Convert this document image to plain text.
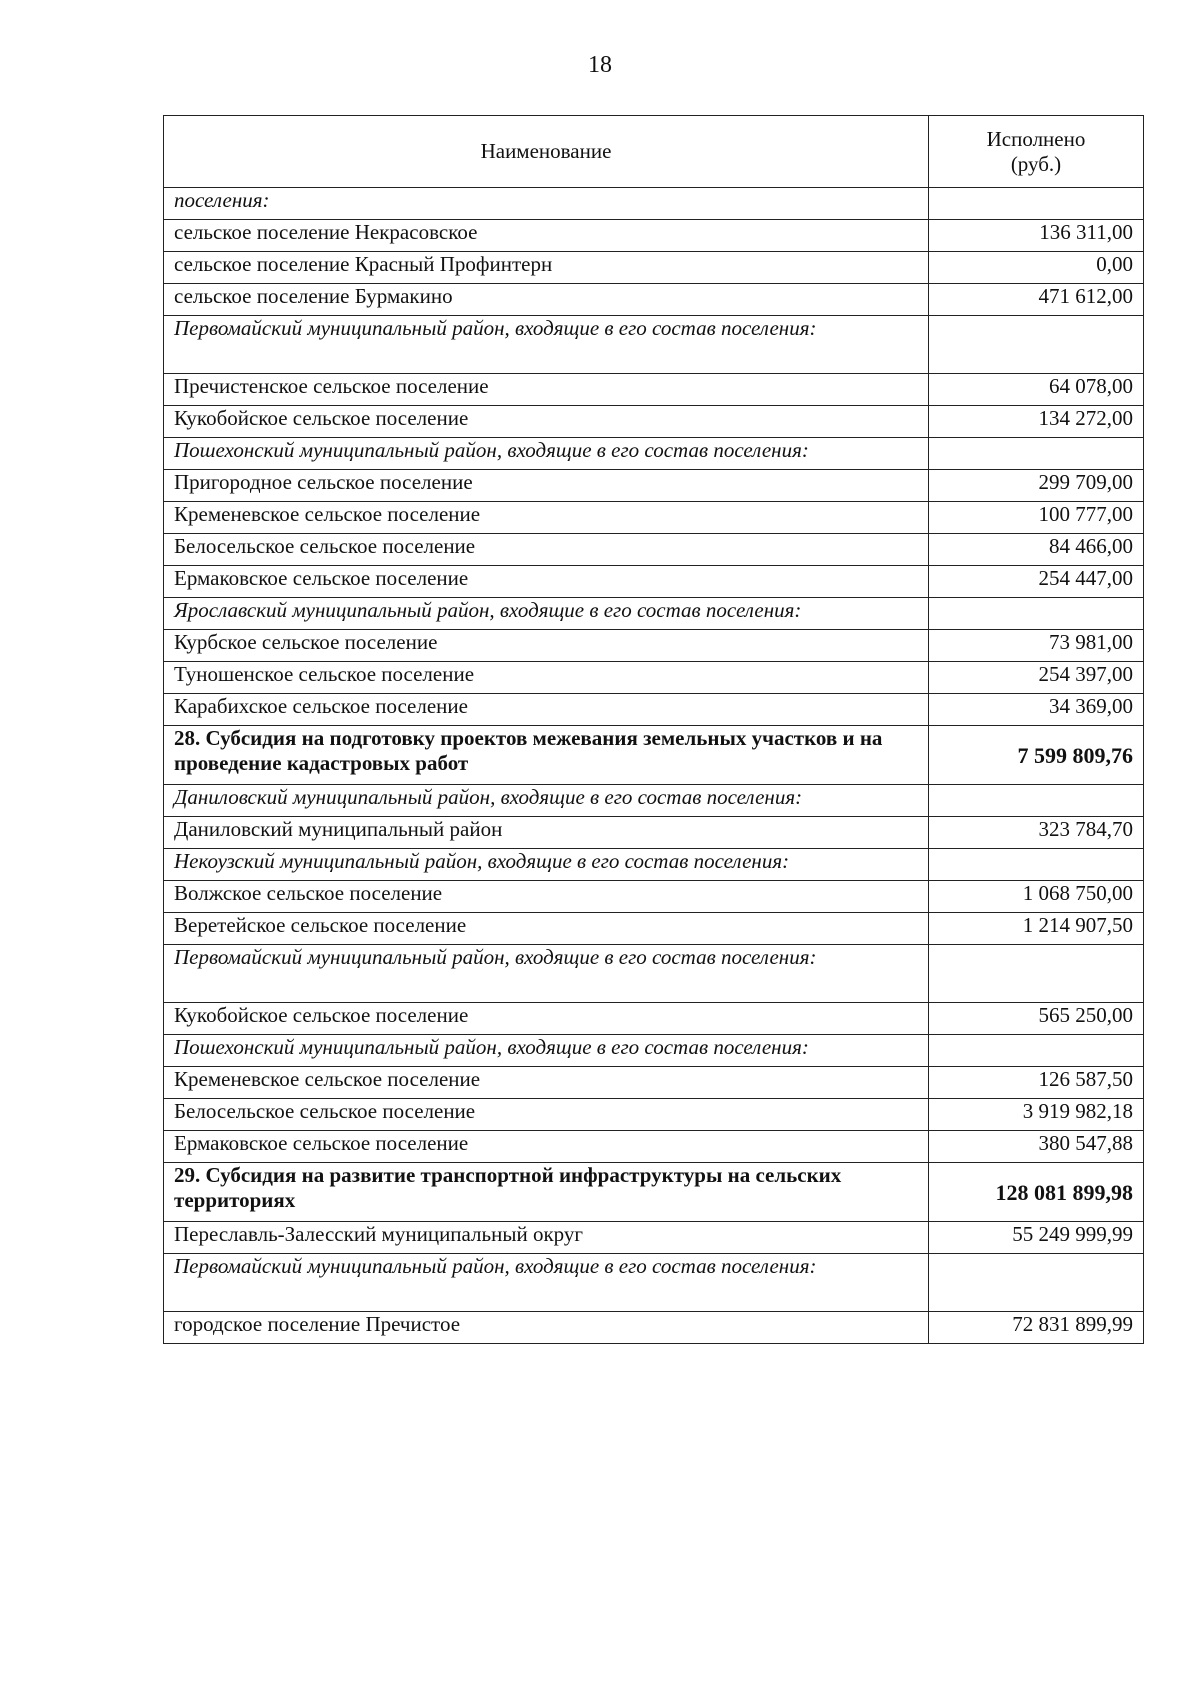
18
Наименование	Исполнено
(руб.)
поселения:	
сельское поселение Некрасовское	136 311,00
сельское поселение Красный Профинтерн	0,00
сельское поселение Бурмакино	471 612,00
Первомайский муниципальный район, входящие в его состав поселения:	
Пречистенское сельское поселение	64 078,00
Кукобойское сельское поселение	134 272,00
Пошехонский муниципальный район, входящие в его состав поселения:	
Пригородное сельское поселение	299 709,00
Кременевское сельское поселение	100 777,00
Белосельское сельское поселение	84 466,00
Ермаковское сельское поселение	254 447,00
Ярославский муниципальный район, входящие в его состав поселения:	
Курбское сельское поселение	73 981,00
Туношенское сельское поселение	254 397,00
Карабихское сельское поселение	34 369,00
28. Субсидия на подготовку проектов межевания земельных участков и на проведение кадастровых работ	7 599 809,76
Даниловский муниципальный район, входящие в его состав поселения:	
Даниловский муниципальный район	323 784,70
Некоузский муниципальный район, входящие в его состав поселения:	
Волжское сельское поселение	1 068 750,00
Веретейское сельское поселение	1 214 907,50
Первомайский муниципальный район, входящие в его состав поселения:	
Кукобойское сельское поселение	565 250,00
Пошехонский муниципальный район, входящие в его состав поселения:	
Кременевское сельское поселение	126 587,50
Белосельское сельское поселение	3 919 982,18
Ермаковское сельское поселение	380 547,88
29. Субсидия на развитие транспортной инфраструктуры на сельских территориях	128 081 899,98
Переславль-Залесский муниципальный округ	55 249 999,99
Первомайский муниципальный район, входящие в его состав поселения:	
городское поселение Пречистое	72 831 899,99
